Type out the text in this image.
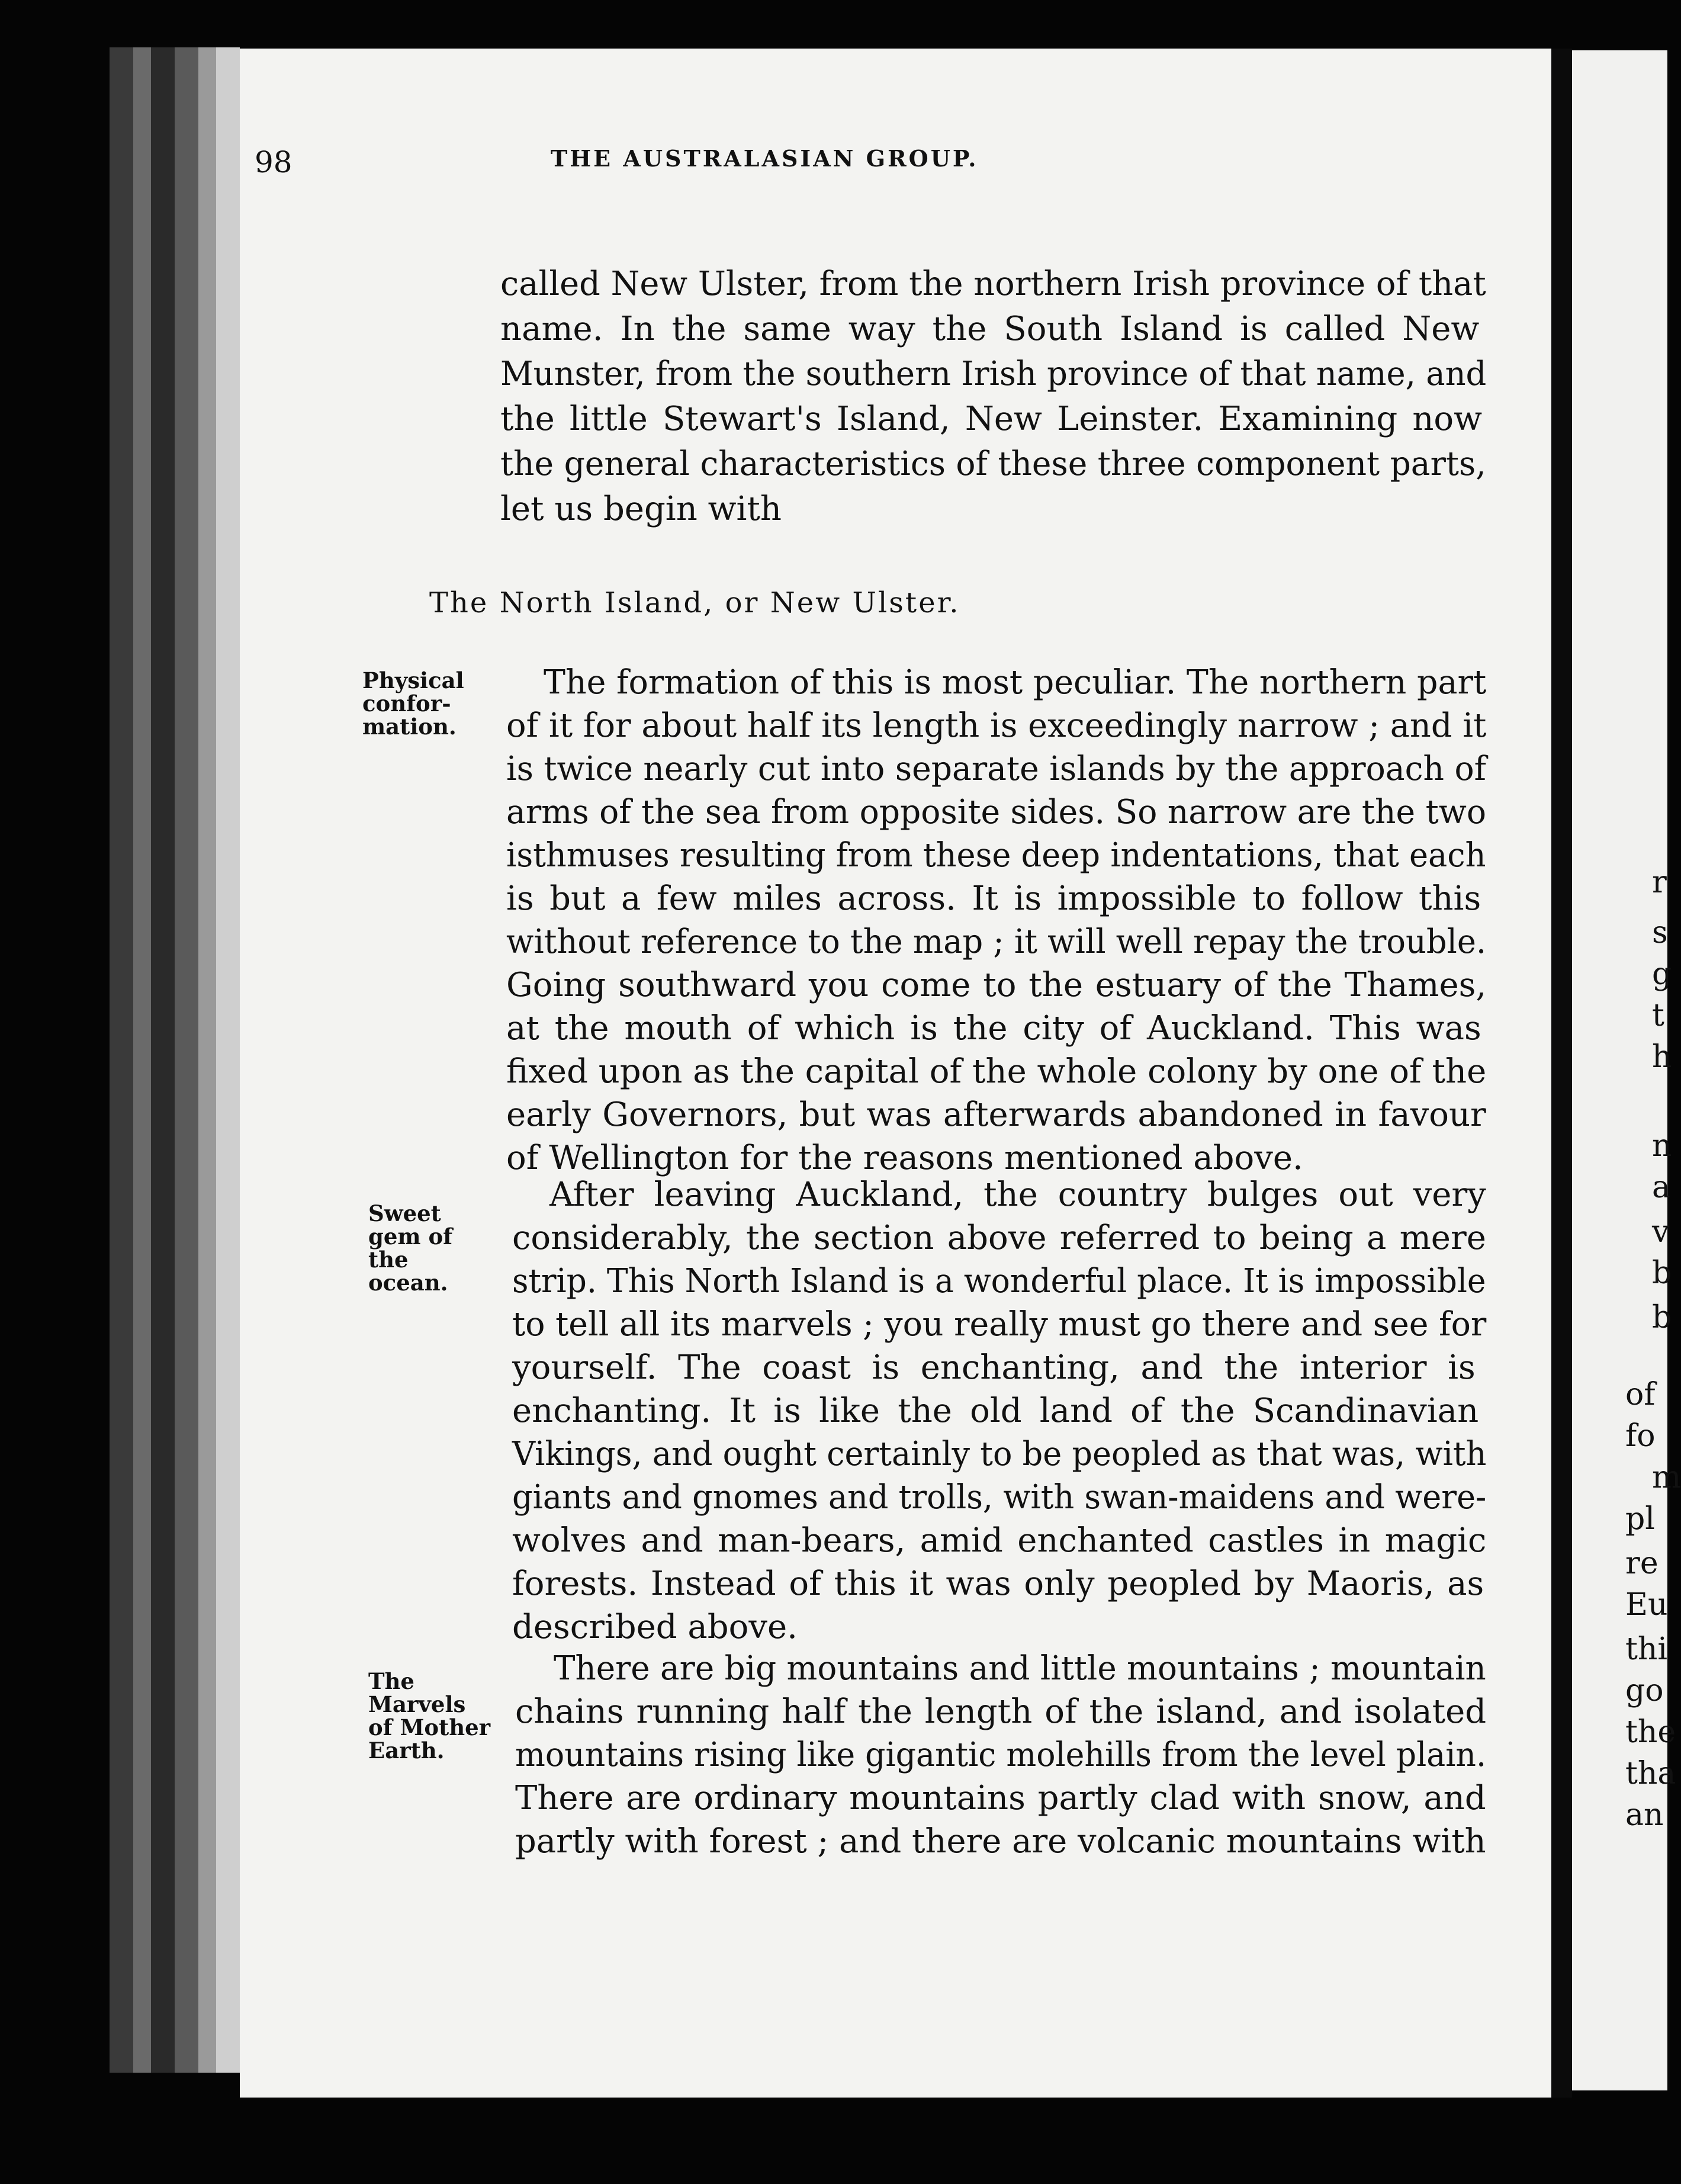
98	THE AUSTRALASIAN GROUP.
The North Island, or New Ulster.
called New Ulster, from the northern Irish province of that
name. In the same way the South Island is called New
Munster, from the southern Irish province of that name, and
the little Stewart's Island, New Leinster. Examining now
the general characteristics of these three component parts,
let us begin with
The formation of this is most peculiar. The northern part
of it for about half its length is exceedingly narrow ; and it
is twice nearly cut into separate islands by the approach of
arms of the sea from opposite sides. So narrow are the two
isthmuses resulting from these deep indentations, that each
is but a few miles across. It is impossible to follow this
without reference to the map ; it will well repay the trouble.
Going southward you come to the estuary of the Thames,
at the mouth of which is the city of Auckland. This was
fixed upon as the capital of the whole colony by one of the
early Governors, but was afterwards abandoned in favour
of Wellington for the reasons mentioned above.
After leaving Auckland, the country bulges out very
considerably, the section above referred to being a mere
strip. This North Island is a wonderful place. It is impossible
to tell all its marvels ; you really must go there and see for
yourself. The coast is enchanting, and the interior is
enchanting. It is like the old land of the Scandinavian
Vikings, and ought certainly to be peopled as that was, with
giants and gnomes and trolls, with swan-maidens and were-
wolves and man-bears, amid enchanted castles in magic
forests. Instead of this it was only peopled by Maoris, as
described above.
There are big mountains and little mountains ; mountain
chains running half the length of the island, and isolated
mountains rising like gigantic molehills from the level plain.
There are ordinary mountains partly clad with snow, and
partly with forest ; and there are volcanic mountains with
Physical
confor-
mation.
Sweet
gem of
the
ocean.
The
Marvels
of Mother
Earth.
r
s
g
t
h
n
a
v
b
b
of
fo
m
pl
re
Eu
thi
go
the
tha
an
